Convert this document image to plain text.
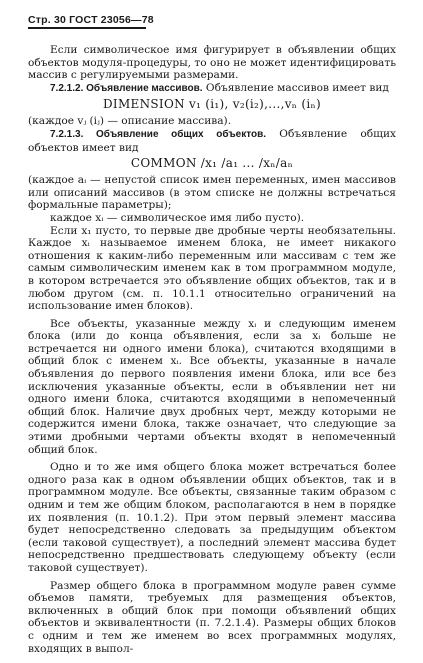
Стр. 30 ГОСТ 23056—78

Если символическое имя фигурирует в объявлении общих объектов модуля-процедуры, то оно не может идентифицировать массив с регулируемыми размерами.

7.2.1.2. Объявление массивов. Объявление массивов имеет вид

DIMENSION v₁ (i₁), v₂(i₂),...,vₙ (iₙ)

(каждое vⱼ (iⱼ) — описание массива).

7.2.1.3. Объявление общих объектов. Объявление общих объектов имеет вид

COMMON /x₁ /a₁ ... /xₙ/aₙ

(каждое aᵢ — непустой список имен переменных, имен массивов или описаний массивов (в этом списке не должны встречаться формальные параметры);

каждое xᵢ — символическое имя либо пусто).

Если x₁ пусто, то первые две дробные черты необязательны. Каждое xᵢ называемое именем блока, не имеет никакого отношения к каким-либо переменным или массивам с тем же самым символическим именем как в том программном модуле, в котором встречается это объявление общих объектов, так и в любом другом (см. п. 10.1.1 относительно ограничений на использование имен блоков).

Все объекты, указанные между xᵢ и следующим именем блока (или до конца объявления, если за xᵢ больше не встречается ни одного имени блока), считаются входящими в общий блок с именем xᵢ. Все объекты, указанные в начале объявления до первого появления имени блока, или все без исключения указанные объекты, если в объявлении нет ни одного имени блока, считаются входящими в непомеченный общий блок. Наличие двух дробных черт, между которыми не содержится имени блока, также означает, что следующие за этими дробными чертами объекты входят в непомеченный общий блок.

Одно и то же имя общего блока может встречаться более одного раза как в одном объявлении общих объектов, так и в программном модуле. Все объекты, связанные таким образом с одним и тем же общим блоком, располагаются в нем в порядке их появления (п. 10.1.2). При этом первый элемент массива будет непосредственно следовать за предыдущим объектом (если таковой существует), а последний элемент массива будет непосредственно предшествовать следующему объекту (если таковой существует).

Размер общего блока в программном модуле равен сумме объемов памяти, требуемых для размещения объектов, включенных в общий блок при помощи объявлений общих объектов и эквивалентности (п. 7.2.1.4). Размеры общих блоков с одним и тем же именем во всех программных модулях, входящих в выпол-
